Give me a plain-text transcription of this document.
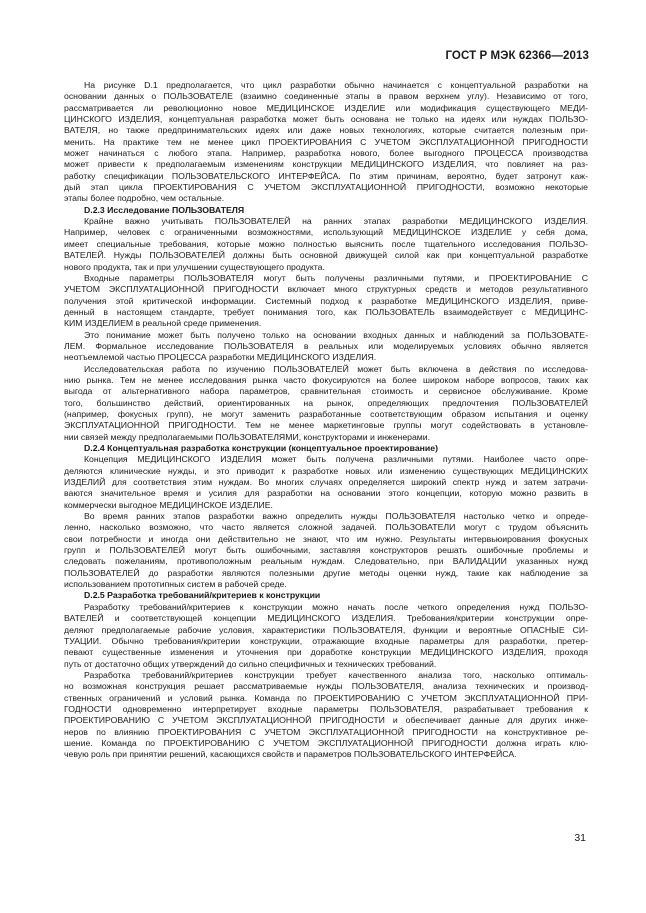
ГОСТ Р МЭК 62366—2013

На рисунке D.1 предполагается, что цикл разработки обычно начинается с концептуальной разработки на
основании данных о ПОЛЬЗОВАТЕЛЕ (взаимно соединенные этапы в правом верхнем углу). Независимо от того,
рассматривается ли революционно новое МЕДИЦИНСКОЕ ИЗДЕЛИЕ или модификация существующего МЕДИ-
ЦИНСКОГО ИЗДЕЛИЯ, концептуальная разработка может быть основана не только на идеях или нуждах ПОЛЬЗО-
ВАТЕЛЯ, но также предпринимательских идеях или даже новых технологиях, которые считается полезным при-
менить. На практике тем не менее цикл ПРОЕКТИРОВАНИЯ С УЧЕТОМ ЭКСПЛУАТАЦИОННОЙ ПРИГОДНОСТИ
может начинаться с любого этапа. Например, разработка нового, более выгодного ПРОЦЕССА производства
может привести к предполагаемым изменениям конструкции МЕДИЦИНСКОГО ИЗДЕЛИЯ, что повлияет на раз-
работку спецификации ПОЛЬЗОВАТЕЛЬСКОГО ИНТЕРФЕЙСА. По этим причинам, вероятно, будет затронут каж-
дый этап цикла ПРОЕКТИРОВАНИЯ С УЧЕТОМ ЭКСПЛУАТАЦИОННОЙ ПРИГОДНОСТИ, возможно некоторые
этапы более подробно, чем остальные.

D.2.3 Исследование ПОЛЬЗОВАТЕЛЯ

Крайне важно учитывать ПОЛЬЗОВАТЕЛЕЙ на ранних этапах разработки МЕДИЦИНСКОГО ИЗДЕЛИЯ.
Например, человек с ограниченными возможностями, использующий МЕДИЦИНСКОЕ ИЗДЕЛИЕ у себя дома,
имеет специальные требования, которые можно полностью выяснить после тщательного исследования ПОЛЬЗО-
ВАТЕЛЕЙ. Нужды ПОЛЬЗОВАТЕЛЕЙ должны быть основной движущей силой как при концептуальной разработке
нового продукта, так и при улучшении существующего продукта.

Входные параметры ПОЛЬЗОВАТЕЛЯ могут быть получены различными путями, и ПРОЕКТИРОВАНИЕ С
УЧЕТОМ ЭКСПЛУАТАЦИОННОЙ ПРИГОДНОСТИ включает много структурных средств и методов результативного
получения этой критической информации. Системный подход к разработке МЕДИЦИНСКОГО ИЗДЕЛИЯ, приве-
денный в настоящем стандарте, требует понимания того, как ПОЛЬЗОВАТЕЛЬ взаимодействует с МЕДИЦИНС-
КИМ ИЗДЕЛИЕМ в реальной среде применения.

Это понимание может быть получено только на основании входных данных и наблюдений за ПОЛЬЗОВАТЕ-
ЛЕМ. Формальное исследование ПОЛЬЗОВАТЕЛЯ в реальных или моделируемых условиях обычно является
неотъемлемой частью ПРОЦЕССА разработки МЕДИЦИНСКОГО ИЗДЕЛИЯ.

Исследовательская работа по изучению ПОЛЬЗОВАТЕЛЕЙ может быть включена в действия по исследова-
нию рынка. Тем не менее исследования рынка часто фокусируются на более широком наборе вопросов, таких как
выгода от альтернативного набора параметров, сравнительная стоимость и сервисное обслуживание. Кроме
того, большинство действий, ориентированных на рынок, определяющих предпочтения ПОЛЬЗОВАТЕЛЕЙ
(например, фокусных групп), не могут заменить разработанные соответствующим образом испытания и оценку
ЭКСПЛУАТАЦИОННОЙ ПРИГОДНОСТИ. Тем не менее маркетинговые группы могут содействовать в установле-
нии связей между предполагаемыми ПОЛЬЗОВАТЕЛЯМИ, конструкторами и инженерами.

D.2.4 Концептуальная разработка конструкции (концептуальное проектирование)

Концепция МЕДИЦИНСКОГО ИЗДЕЛИЯ может быть получена различными путями. Наиболее часто опре-
деляются клинические нужды, и это приводит к разработке новых или изменению существующих МЕДИЦИНСКИХ
ИЗДЕЛИЙ для соответствия этим нуждам. Во многих случаях определяется широкий спектр нужд и затем затрачи-
ваются значительное время и усилия для разработки на основании этого концепции, которую можно развить в
коммерчески выгодное МЕДИЦИНСКОЕ ИЗДЕЛИЕ.

Во время ранних этапов разработки важно определить нужды ПОЛЬЗОВАТЕЛЯ настолько четко и опреде-
ленно, насколько возможно, что часто является сложной задачей. ПОЛЬЗОВАТЕЛИ могут с трудом объяснить
свои потребности и иногда они действительно не знают, что им нужно. Результаты интервьюирования фокусных
групп и ПОЛЬЗОВАТЕЛЕЙ могут быть ошибочными, заставляя конструкторов решать ошибочные проблемы и
следовать пожеланиям, противоположным реальным нуждам. Следовательно, при ВАЛИДАЦИИ указанных нужд
ПОЛЬЗОВАТЕЛЕЙ до разработки являются полезными другие методы оценки нужд, такие как наблюдение за
использованием прототипных систем в рабочей среде.

D.2.5 Разработка требований/критериев к конструкции

Разработку требований/критериев к конструкции можно начать после четкого определения нужд ПОЛЬЗО-
ВАТЕЛЕЙ и соответствующей концепции МЕДИЦИНСКОГО ИЗДЕЛИЯ. Требования/критерии конструкции опре-
деляют предполагаемые рабочие условия, характеристики ПОЛЬЗОВАТЕЛЯ, функции и вероятные ОПАСНЫЕ СИ-
ТУАЦИИ. Обычно требования/критерии конструкции, отражающие входные параметры для разработки, претер-
певают существенные изменения и уточнения при доработке конструкции МЕДИЦИНСКОГО ИЗДЕЛИЯ, проходя
путь от достаточно общих утверждений до сильно специфичных и технических требований.

Разработка требований/критериев конструкции требует качественного анализа того, насколько оптималь-
но возможная конструкция решает рассматриваемые нужды ПОЛЬЗОВАТЕЛЯ, анализа технических и производ-
ственных ограничений и условий рынка. Команда по ПРОЕКТИРОВАНИЮ С УЧЕТОМ ЭКСПЛУАТАЦИОННОЙ ПРИ-
ГОДНОСТИ одновременно интерпретирует входные параметры ПОЛЬЗОВАТЕЛЯ, разрабатывает требования к
ПРОЕКТИРОВАНИЮ С УЧЕТОМ ЭКСПЛУАТАЦИОННОЙ ПРИГОДНОСТИ и обеспечивает данные для других инже-
неров по влиянию ПРОЕКТИРОВАНИЯ С УЧЕТОМ ЭКСПЛУАТАЦИОННОЙ ПРИГОДНОСТИ на конструктивное ре-
шение. Команда по ПРОЕКТИРОВАНИЮ С УЧЕТОМ ЭКСПЛУАТАЦИОННОЙ ПРИГОДНОСТИ должна играть клю-
чевую роль при принятии решений, касающихся свойств и параметров ПОЛЬЗОВАТЕЛЬСКОГО ИНТЕРФЕЙСА.

31
